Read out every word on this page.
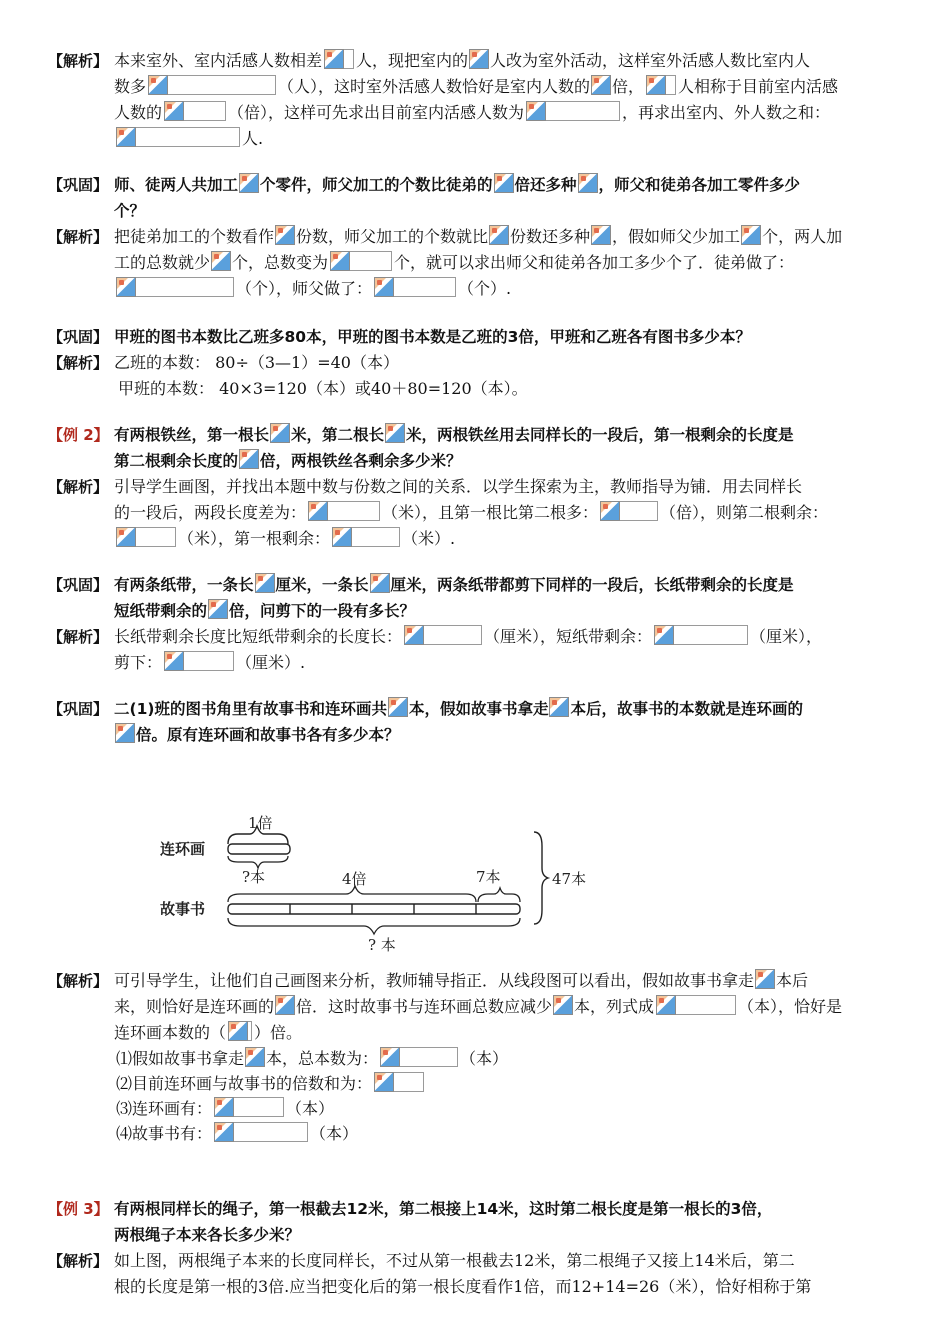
【解析】 本来室外、室内活感人数相差 人，现把室内的 人改为室外活动，这样室外活感人数比室内人
数多	（人），这时室外活感人数恰好是室内人数的 倍， 人相称于目前室内活感
人数的	（倍），这样可先求出目前室内活感人数为	，再求出室内、外人数之和：

人.
【巩固】 师、徒两人共加工 个零件，师父加工的个数比徒弟的 倍还多种 ，师父和徒弟各加工零件多少
个？
【解析】 把徒弟加工的个数看作 份数，师父加工的个数就比 份数还多种 ，假如师父少加工 个，两人加
工的总数就少 个，总数变为	个，就可以求出师父和徒弟各加工多少个了．徒弟做了：

（个），师父做了：	（个）.
【巩固】 甲班的图书本数比乙班多80本，甲班的图书本数是乙班的3倍，甲班和乙班各有图书多少本？
【解析】 乙班的本数： 80÷（3—1）=40（本）
甲班的本数： 40×3=120（本）或40＋80=120（本）。
【例 2】 有两根铁丝，第一根长 米，第二根长 米，两根铁丝用去同样长的一段后，第一根剩余的长度是
第二根剩余长度的 倍，两根铁丝各剩余多少米？
【解析】 引导学生画图，并找出本题中数与份数之间的关系．以学生探索为主，教师指导为铺．用去同样长
的一段后，两段长度差为：	（米），且第一根比第二根多：	（倍），则第二根剩余：

（米），第一根剩余：	（米）.
【巩固】 有两条纸带，一条长 厘米，一条长 厘米，两条纸带都剪下同样的一段后，长纸带剩余的长度是
短纸带剩余的 倍，问剪下的一段有多长？
【解析】 长纸带剩余长度比短纸带剩余的长度长：	（厘米），短纸带剩余：	（厘米），
剪下：	（厘米）.
【巩固】 二(1)班的图书角里有故事书和连环画共 本，假如故事书拿走 本后，故事书的本数就是连环画的
倍。原有连环画和故事书各有多少本？
1倍
连环画
?本	4倍	7本
故事书
? 本
47本
【解析】 可引导学生，让他们自己画图来分析，教师辅导指正．从线段图可以看出，假如故事书拿走 本后
来，则恰好是连环画的 倍．这时故事书与连环画总数应减少 本，列式成	（本），恰好是
连环画本数的（ ）倍。
⑴假如故事书拿走 本，总本数为：	（本）
⑵目前连环画与故事书的倍数和为：
⑶连环画有：	（本）
⑷故事书有：	（本）
【例 3】 有两根同样长的绳子，第一根截去12米，第二根接上14米，这时第二根长度是第一根长的3倍，
两根绳子本来各长多少米？
【解析】 如上图，两根绳子本来的长度同样长，不过从第一根截去12米，第二根绳子又接上14米后，第二
根的长度是第一根的3倍.应当把变化后的第一根长度看作1倍，而12+14=26（米），恰好相称于第
